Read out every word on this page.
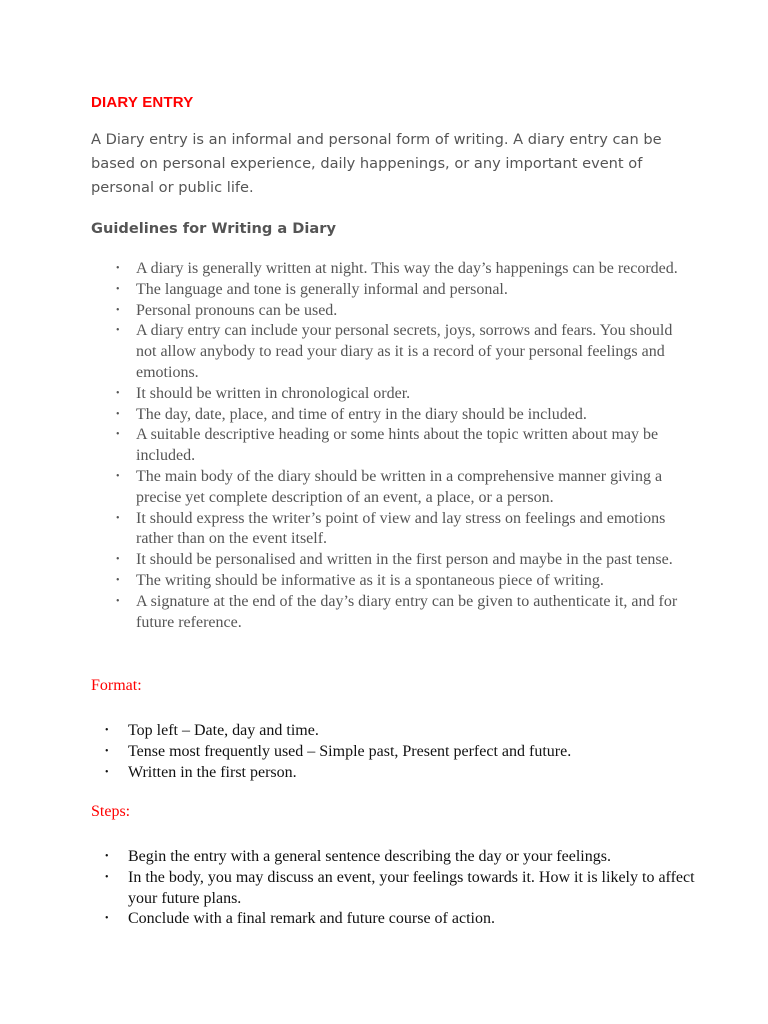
DIARY ENTRY

A Diary entry is an informal and personal form of writing. A diary entry can be based on personal experience, daily happenings, or any important event of personal or public life.

Guidelines for Writing a Diary
• A diary is generally written at night. This way the day’s happenings can be recorded.
• The language and tone is generally informal and personal.
• Personal pronouns can be used.
• A diary entry can include your personal secrets, joys, sorrows and fears. You should not allow anybody to read your diary as it is a record of your personal feelings and emotions.
• It should be written in chronological order.
• The day, date, place, and time of entry in the diary should be included.
• A suitable descriptive heading or some hints about the topic written about may be included.
• The main body of the diary should be written in a comprehensive manner giving a precise yet complete description of an event, a place, or a person.
• It should express the writer’s point of view and lay stress on feelings and emotions rather than on the event itself.
• It should be personalised and written in the first person and maybe in the past tense.
• The writing should be informative as it is a spontaneous piece of writing.
• A signature at the end of the day’s diary entry can be given to authenticate it, and for future reference.

Format:

• Top left – Date, day and time.
• Tense most frequently used – Simple past, Present perfect and future.
• Written in the first person.

Steps:

• Begin the entry with a general sentence describing the day or your feelings.
• In the body, you may discuss an event, your feelings towards it. How it is likely to affect your future plans.
• Conclude with a final remark and future course of action.
